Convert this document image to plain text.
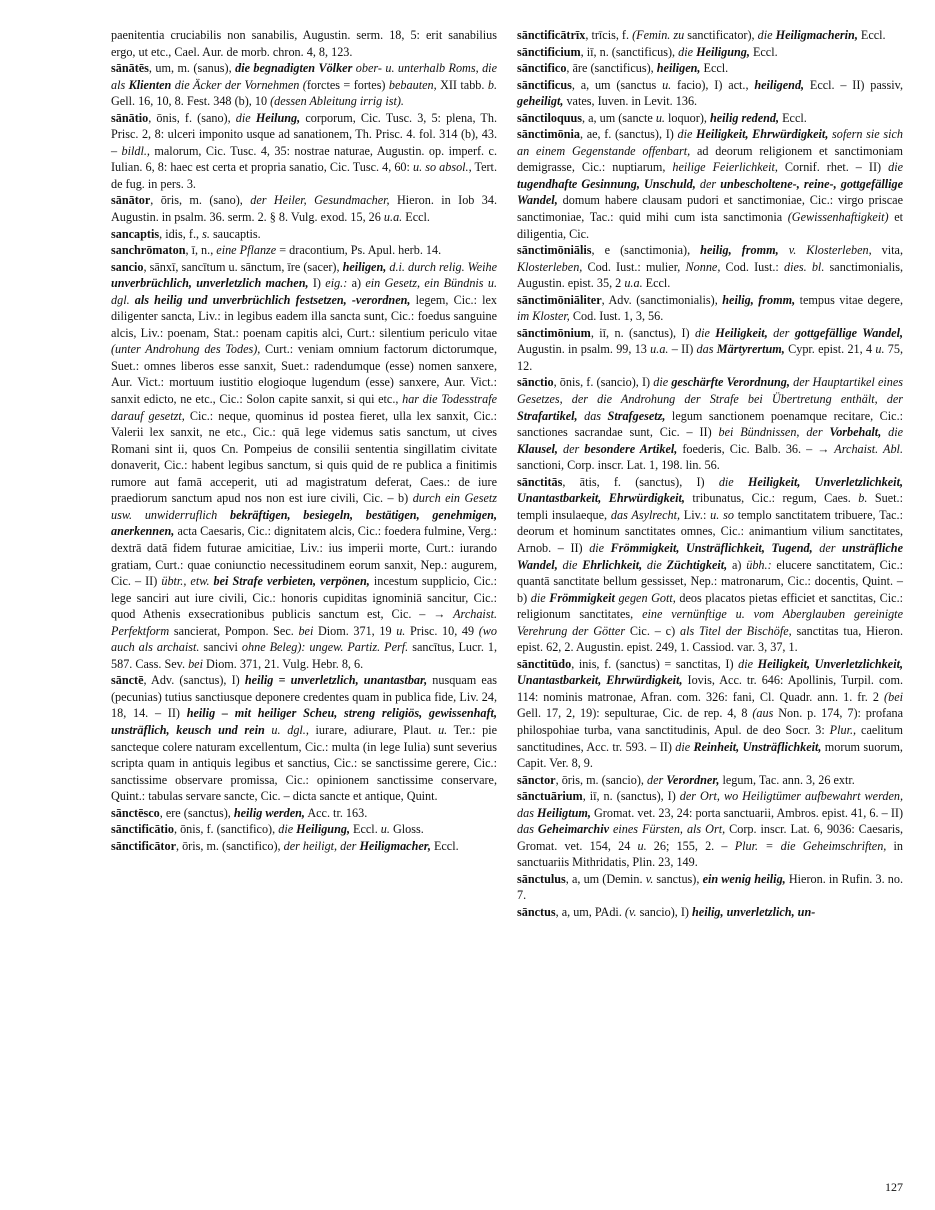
paenitentia cruciabilis non sanabilis, Augustin. serm. 18, 5: erit sanabilius ergo, ut etc., Cael. Aur. de morb. chron. 4, 8, 123.

sānātēs, um, m. (sanus), die begnadigten Völker ober- u. unterhalb Roms, die als Klienten die Äcker der Vornehmen (forctes = fortes) bebauten, XII tabb. b. Gell. 16, 10, 8. Fest. 348 (b), 10 (dessen Ableitung irrig ist).

sānātio, ōnis, f. (sano), die Heilung, corporum, Cic. Tusc. 3, 5: plena, Th. Prisc. 2, 8: ulceri imponito usque ad sanationem, Th. Prisc. 4. fol. 314 (b), 43. – bildl., malorum, Cic. Tusc. 4, 35: nostrae naturae, Augustin. op. imperf. c. Iulian. 6, 8: haec est certa et propria sanatio, Cic. Tusc. 4, 60: u. so absol., Tert. de fug. in pers. 3.

sānātor, ōris, m. (sano), der Heiler, Gesundmacher, Hieron. in Iob 34. Augustin. in psalm. 36. serm. 2. § 8. Vulg. exod. 15, 26 u.a. Eccl.

sancaptis, idis, f., s. saucaptis.

sanchrōmaton, ī, n., eine Pflanze = dracontium, Ps. Apul. herb. 14.

sancio, sānxī, sancītum u. sānctum, īre (sacer), heiligen, d.i. durch relig. Weihe unverbrüchlich, unverletzlich machen, I) eig.: a) ein Gesetz, ein Bündnis u. dgl. als heilig und unverbrüchlich festsetzen, -verordnen, legem, Cic.: lex diligenter sancta, Liv.: in legibus eadem illa sancta sunt, Cic.: foedus sanguine alcis, Liv.: poenam, Stat.: poenam capitis alci, Curt.: silentium periculo vitae (unter Androhung des Todes), Curt.: veniam omnium factorum dictorumque, Suet.: omnes liberos esse sanxit, Suet.: radendumque (esse) nomen sanxere, Aur. Vict.: mortuum iustitio elogioque lugendum (esse) sanxere, Aur. Vict.: sanxit edicto, ne etc., Cic.: Solon capite sanxit, si qui etc., har die Todesstrafe darauf gesetzt, Cic.: neque, quominus id postea fieret, ulla lex sanxit, Cic.: Valerii lex sanxit, ne etc., Cic.: quā lege videmus satis sanctum, ut cives Romani sint ii, quos Cn. Pompeius de consilii sententia singillatim civitate donaverit, Cic.: habent legibus sanctum, si quis quid de re publica a finitimis rumore aut famā acceperit, uti ad magistratum deferat, Caes.: de iure praediorum sanctum apud nos non est iure civili, Cic. – b) durch ein Gesetz usw. unwiderruflich bekräftigen, besiegeln, bestätigen, genehmigen, anerkennen, acta Caesaris, Cic.: dignitatem alcis, Cic.: foedera fulmine, Verg.: dextrā datā fidem futurae amicitiae, Liv.: ius imperii morte, Curt.: iurando gratiam, Curt.: quae coniunctio necessitudinem eorum sanxit, Nep.: augurem, Cic. – II) übtr., etw. bei Strafe verbieten, verpönen, incestum supplicio, Cic.: lege sanciri aut iure civili, Cic.: honoris cupiditas ignominiā sancitur, Cic.: quod Athenis exsecrationibus publicis sanctum est, Cic. – → Archaist. Perfektform sancierat, Pompon. Sec. bei Diom. 371, 19 u. Prisc. 10, 49 (wo auch als archaist. sancivi ohne Beleg): ungew. Partiz. Perf. sancītus, Lucr. 1, 587. Cass. Sev. bei Diom. 371, 21. Vulg. Hebr. 8, 6.

sānctē, Adv. (sanctus), I) heilig = unverletzlich, unantastbar, nusquam eas (pecunias) tutius sanctiusque deponere credentes quam in publica fide, Liv. 24, 18, 14. – II) heilig – mit heiliger Scheu, streng religiös, gewissenhaft, unsträflich, keusch und rein u. dgl., iurare, adiurare, Plaut. u. Ter.: pie sancteque colere naturam excellentum, Cic.: multa (in lege Iulia) sunt severius scripta quam in antiquis legibus et sanctius, Cic.: se sanctissime gerere, Cic.: sanctissime observare promissa, Cic.: opinionem sanctissime conservare, Quint.: tabulas servare sancte, Cic. – dicta sancte et antique, Quint.

sānctēsco, ere (sanctus), heilig werden, Acc. tr. 163.

sānctificātio, ōnis, f. (sanctifico), die Heiligung, Eccl. u. Gloss.

sānctificātor, ōris, m. (sanctifico), der heiligt, der Heiligmacher, Eccl.

sānctificātrīx, trīcis, f. (Femin. zu sanctificator), die Heiligmacherin, Eccl.

sānctificium, iī, n. (sanctificus), die Heiligung, Eccl.

sānctifico, āre (sanctificus), heiligen, Eccl.

sānctificus, a, um (sanctus u. facio), I) act., heiligend, Eccl. – II) passiv, geheiligt, vates, Iuven. in Levit. 136.

sānctiloquus, a, um (sancte u. loquor), heilig redend, Eccl.

sānctimōnia, ae, f. (sanctus), I) die Heiligkeit, Ehrwürdigkeit, sofern sie sich an einem Gegenstande offenbart, ad deorum religionem et sanctimoniam demigrasse, Cic.: nuptiarum, heilige Feierlichkeit, Cornif. rhet. – II) die tugendhafte Gesinnung, Unschuld, der unbescholtene-, reine-, gottgefällige Wandel, domum habere clausam pudori et sanctimoniae, Cic.: virgo priscae sanctimoniae, Tac.: quid mihi cum ista sanctimonia (Gewissenhaftigkeit) et diligentia, Cic.

sānctimōniālis, e (sanctimonia), heilig, fromm, v. Klosterleben, vita, Klosterleben, Cod. Iust.: mulier, Nonne, Cod. Iust.: dies. bl. sanctimonialis, Augustin. epist. 35, 2 u.a. Eccl.

sānctimōniāliter, Adv. (sanctimonialis), heilig, fromm, tempus vitae degere, im Kloster, Cod. Iust. 1, 3, 56.

sānctimōnium, iī, n. (sanctus), I) die Heiligkeit, der gottgefällige Wandel, Augustin. in psalm. 99, 13 u.a. – II) das Märtyrertum, Cypr. epist. 21, 4 u. 75, 12.

sānctio, ōnis, f. (sancio), I) die geschärfte Verordnung, der Hauptartikel eines Gesetzes, der die Androhung der Strafe bei Übertretung enthält, der Strafartikel, das Strafgesetz, legum sanctionem poenamque recitare, Cic.: sanctiones sacrandae sunt, Cic. – II) bei Bündnissen, der Vorbehalt, die Klausel, der besondere Artikel, foederis, Cic. Balb. 36. – → Archaist. Abl. sanctioni, Corp. inscr. Lat. 1, 198. lin. 56.

sānctitās, ātis, f. (sanctus), I) die Heiligkeit, Unverletzlichkeit, Unantastbarkeit, Ehrwürdigkeit, tribunatus, Cic.: regum, Caes. b. Suet.: templi insulaeque, das Asylrecht, Liv.: u. so templo sanctitatem tribuere, Tac.: deorum et hominum sanctitates omnes, Cic.: animantium vilium sanctitates, Arnob. – II) die Frömmigkeit, Unsträflichkeit, Tugend, der unsträfliche Wandel, die Ehrlichkeit, die Züchtigkeit, a) übh.: elucere sanctitatem, Cic.: quantā sanctitate bellum gessisset, Nep.: matronarum, Cic.: docentis, Quint. – b) die Frömmigkeit gegen Gott, deos placatos pietas efficiet et sanctitas, Cic.: religionum sanctitates, eine vernünftige u. vom Aberglauben gereinigte Verehrung der Götter Cic. – c) als Titel der Bischöfe, sanctitas tua, Hieron. epist. 62, 2. Augustin. epist. 249, 1. Cassiod. var. 3, 37, 1.

sānctitūdo, inis, f. (sanctus) = sanctitas, I) die Heiligkeit, Unverletzlichkeit, Unantastbarkeit, Ehrwürdigkeit, Iovis, Acc. tr. 646: Apollinis, Turpil. com. 114: nominis matronae, Afran. com. 326: fani, Cl. Quadr. ann. 1. fr. 2 (bei Gell. 17, 2, 19): sepulturae, Cic. de rep. 4, 8 (aus Non. p. 174, 7): profana philospohiae turba, vana sanctitudinis, Apul. de deo Socr. 3: Plur., caelitum sanctitudines, Acc. tr. 593. – II) die Reinheit, Unsträflichkeit, morum suorum, Capit. Ver. 8, 9.

sānctor, ōris, m. (sancio), der Verordner, legum, Tac. ann. 3, 26 extr.

sānctuārium, iī, n. (sanctus), I) der Ort, wo Heiligtümer aufbewahrt werden, das Heiligtum, Gromat. vet. 23, 24: porta sanctuarii, Ambros. epist. 41, 6. – II) das Geheimarchiv eines Fürsten, als Ort, Corp. inscr. Lat. 6, 9036: Caesaris, Gromat. vet. 154, 24 u. 26; 155, 2. – Plur. = die Geheimschriften, in sanctuariis Mithridatis, Plin. 23, 149.

sānctulus, a, um (Demin. v. sanctus), ein wenig heilig, Hieron. in Rufin. 3. no. 7.

sānctus, a, um, PAdi. (v. sancio), I) heilig, unverletzlich, un-

127
